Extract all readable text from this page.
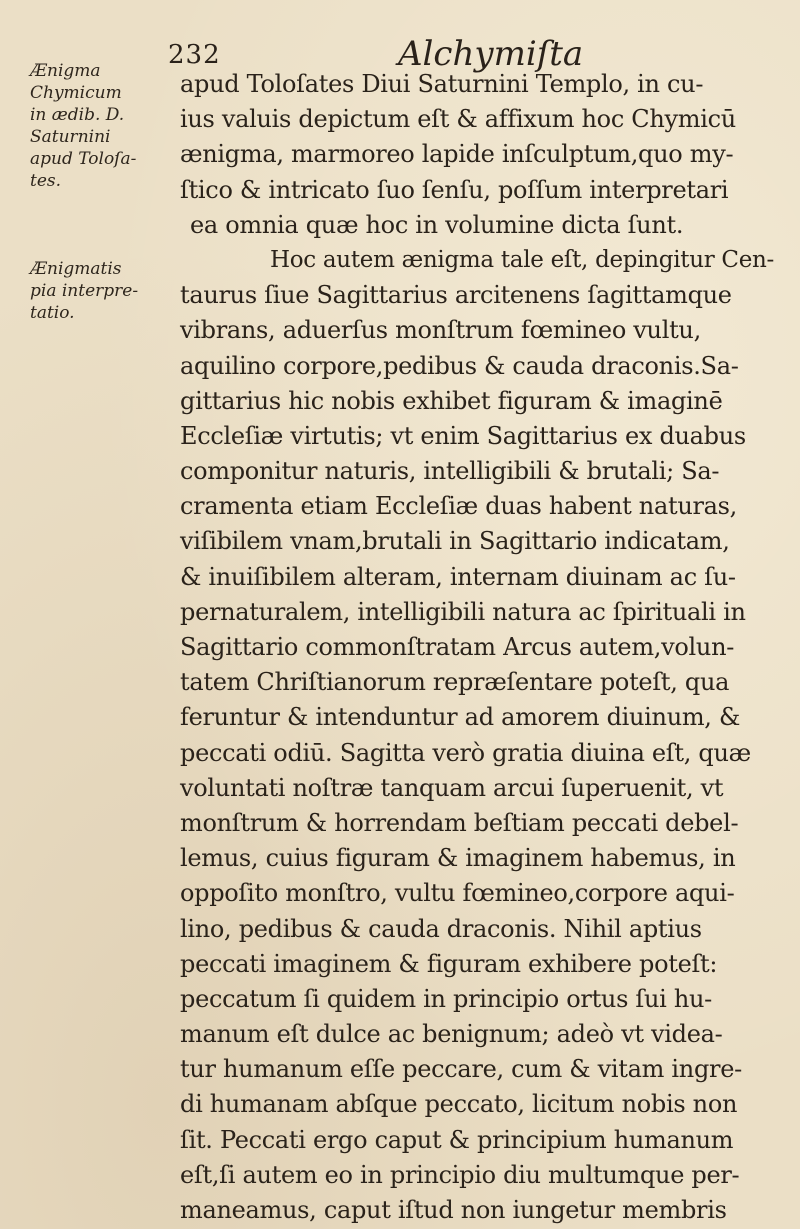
232	Alchymiſta
Ænigma
Chymicum
in ædib. D.
Saturnini
apud Toloſa-
tes.
Ænigmatis
pia interpre-
tatio.
apud Toloſates Diui Saturnini Templo, in cu-
ius valuis depictum eſt & affixum hoc Chymicū
ænigma, marmoreo lapide inſculptum,quo my-
ſtico & intricato ſuo ſenſu, poſſum interpretari
ea omnia quæ hoc in volumine dicta ſunt.
Hoc autem ænigma tale eſt, depingitur Cen-
taurus ſiue Sagittarius arcitenens ſagittamque
vibrans, aduerſus monſtrum fœmineo vultu,
aquilino corpore,pedibus & cauda draconis.Sa-
gittarius hic nobis exhibet figuram & imaginē
Eccleſiæ virtutis; vt enim Sagittarius ex duabus
componitur naturis, intelligibili & brutali; Sa-
cramenta etiam Eccleſiæ duas habent naturas,
viſibilem vnam,brutali in Sagittario indicatam,
& inuiſibilem alteram, internam diuinam ac ſu-
pernaturalem, intelligibili natura ac ſpirituali in
Sagittario commonſtratam Arcus autem,volun-
tatem Chriſtianorum repræſentare poteſt, qua
feruntur & intenduntur ad amorem diuinum, &
peccati odiū. Sagitta verò gratia diuina eſt, quæ
voluntati noſtræ tanquam arcui ſuperuenit, vt
monſtrum & horrendam beſtiam peccati debel-
lemus, cuius figuram & imaginem habemus, in
oppoſito monſtro, vultu fœmineo,corpore aqui-
lino, pedibus & cauda draconis. Nihil aptius
peccati imaginem & figuram exhibere poteſt:
peccatum ſi quidem in principio ortus ſui hu-
manum eſt dulce ac benignum; adeò vt videa-
tur humanum eſſe peccare, cum & vitam ingre-
di humanam abſque peccato, licitum nobis non
ſit. Peccati ergo caput & principium humanum
eſt,ſi autem eo in principio diu multumque per-
maneamus, caput iſtud non iungetur membris
